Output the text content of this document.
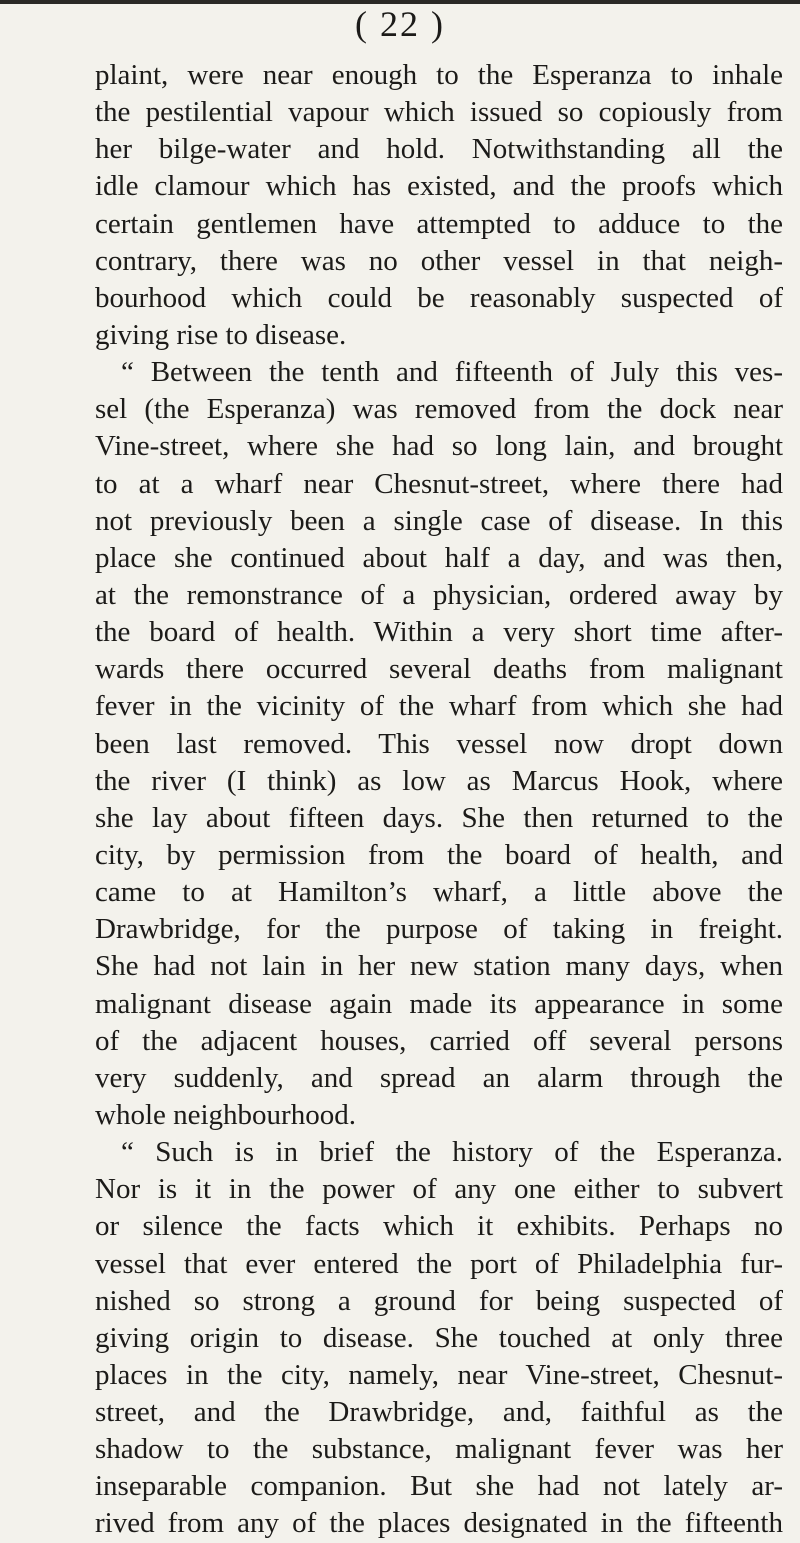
( 22 )
plaint, were near enough to the Esperanza to inhale
the pestilential vapour which issued so copiously from
her bilge-water and hold. Notwithstanding all the
idle clamour which has existed, and the proofs which
certain gentlemen have attempted to adduce to the
contrary, there was no other vessel in that neigh-
bourhood which could be reasonably suspected of
giving rise to disease.
“ Between the tenth and fifteenth of July this ves-
sel (the Esperanza) was removed from the dock near
Vine-street, where she had so long lain, and brought
to at a wharf near Chesnut-street, where there had
not previously been a single case of disease. In this
place she continued about half a day, and was then,
at the remonstrance of a physician, ordered away by
the board of health. Within a very short time after-
wards there occurred several deaths from malignant
fever in the vicinity of the wharf from which she had
been last removed. This vessel now dropt down
the river (I think) as low as Marcus Hook, where
she lay about fifteen days. She then returned to the
city, by permission from the board of health, and
came to at Hamilton’s wharf, a little above the
Drawbridge, for the purpose of taking in freight.
She had not lain in her new station many days, when
malignant disease again made its appearance in some
of the adjacent houses, carried off several persons
very suddenly, and spread an alarm through the
whole neighbourhood.
“ Such is in brief the history of the Esperanza.
Nor is it in the power of any one either to subvert
or silence the facts which it exhibits. Perhaps no
vessel that ever entered the port of Philadelphia fur-
nished so strong a ground for being suspected of
giving origin to disease. She touched at only three
places in the city, namely, near Vine-street, Chesnut-
street, and the Drawbridge, and, faithful as the
shadow to the substance, malignant fever was her
inseparable companion. But she had not lately ar-
rived from any of the places designated in the fifteenth
